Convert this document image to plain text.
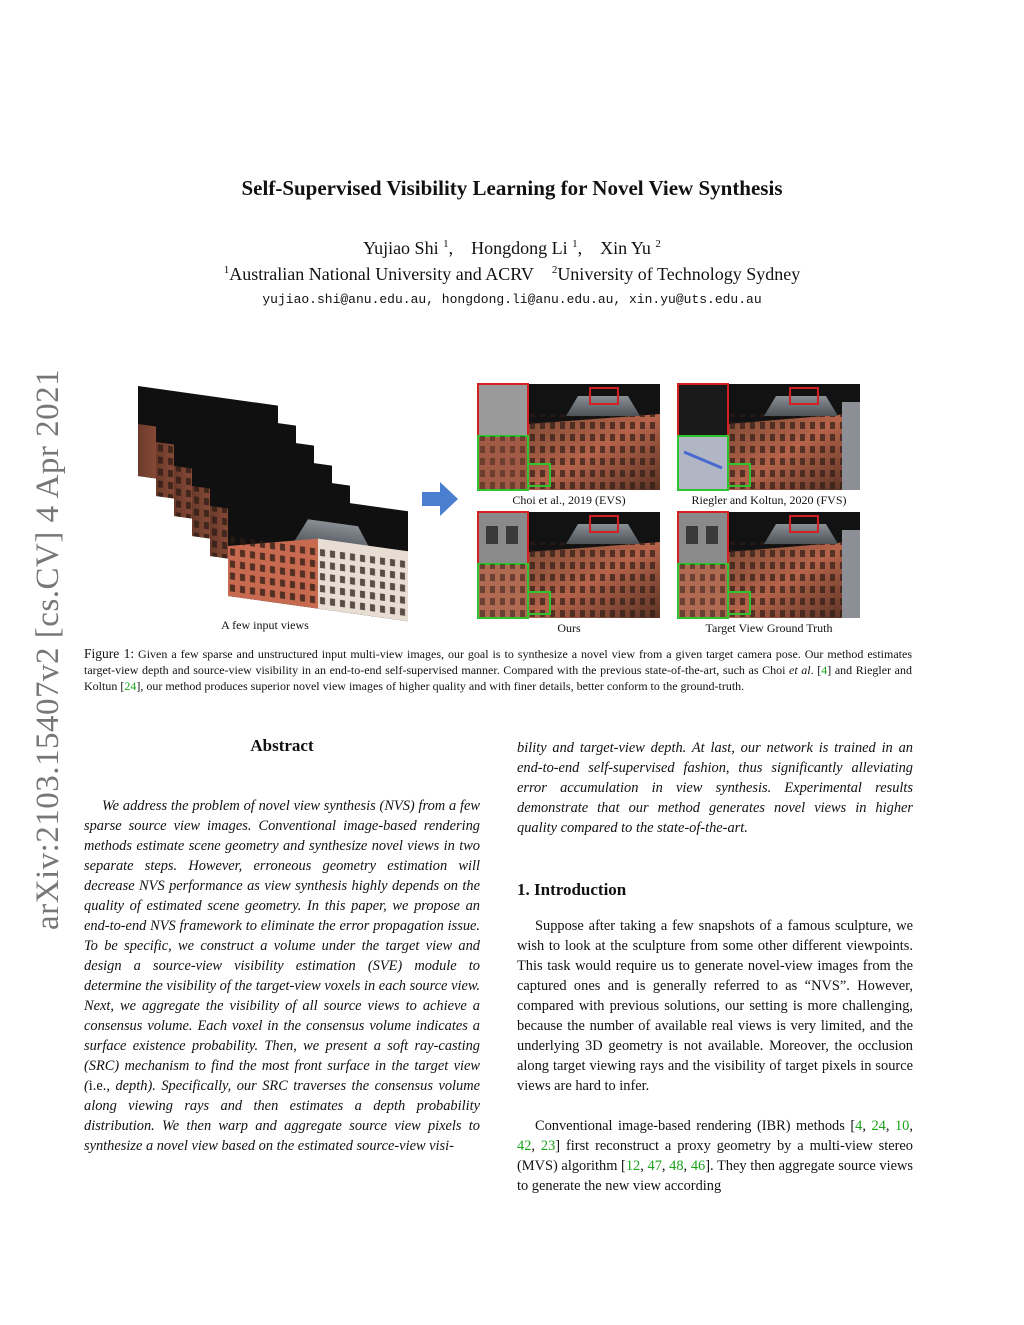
arXiv:2103.15407v2 [cs.CV] 4 Apr 2021
Self-Supervised Visibility Learning for Novel View Synthesis
Yujiao Shi $^1$,    Hongdong Li $^1$,    Xin Yu $^2$
$^1$Australian National University and ACRV $^2$University of Technology Sydney
yujiao.shi@anu.edu.au, hongdong.li@anu.edu.au, xin.yu@uts.edu.au
A few input views
Choi et al., 2019 (EVS)	Riegler and Koltun, 2020 (FVS)
Ours	Target View Ground Truth
Figure 1: Given a few sparse and unstructured input multi-view images, our goal is to synthesize a novel view from a given target camera pose. Our method estimates target-view depth and source-view visibility in an end-to-end self-supervised manner. Compared with the previous state-of-the-art, such as Choi et al. [4] and Riegler and Koltun [24], our method produces superior novel view images of higher quality and with finer details, better conform to the ground-truth.
Abstract
We address the problem of novel view synthesis (NVS) from a few sparse source view images. Conventional image-based rendering methods estimate scene geometry and synthesize novel views in two separate steps. However, erroneous geometry estimation will decrease NVS performance as view synthesis highly depends on the quality of estimated scene geometry. In this paper, we propose an end-to-end NVS framework to eliminate the error propagation issue. To be specific, we construct a volume under the target view and design a source-view visibility estimation (SVE) module to determine the visibility of the target-view voxels in each source view. Next, we aggregate the visibility of all source views to achieve a consensus volume. Each voxel in the consensus volume indicates a surface existence probability. Then, we present a soft ray-casting (SRC) mechanism to find the most front surface in the target view (i.e., depth). Specifically, our SRC traverses the consensus volume along viewing rays and then estimates a depth probability distribution. We then warp and aggregate source view pixels to synthesize a novel view based on the estimated source-view visi-
bility and target-view depth. At last, our network is trained in an end-to-end self-supervised fashion, thus significantly alleviating error accumulation in view synthesis. Experimental results demonstrate that our method generates novel views in higher quality compared to the state-of-the-art.
1. Introduction
Suppose after taking a few snapshots of a famous sculpture, we wish to look at the sculpture from some other different viewpoints. This task would require us to generate novel-view images from the captured ones and is generally referred to as “NVS”. However, compared with previous solutions, our setting is more challenging, because the number of available real views is very limited, and the underlying 3D geometry is not available. Moreover, the occlusion along target viewing rays and the visibility of target pixels in source views are hard to infer.
Conventional image-based rendering (IBR) methods [4, 24, 10, 42, 23] first reconstruct a proxy geometry by a multi-view stereo (MVS) algorithm [12, 47, 48, 46]. They then aggregate source views to generate the new view according
